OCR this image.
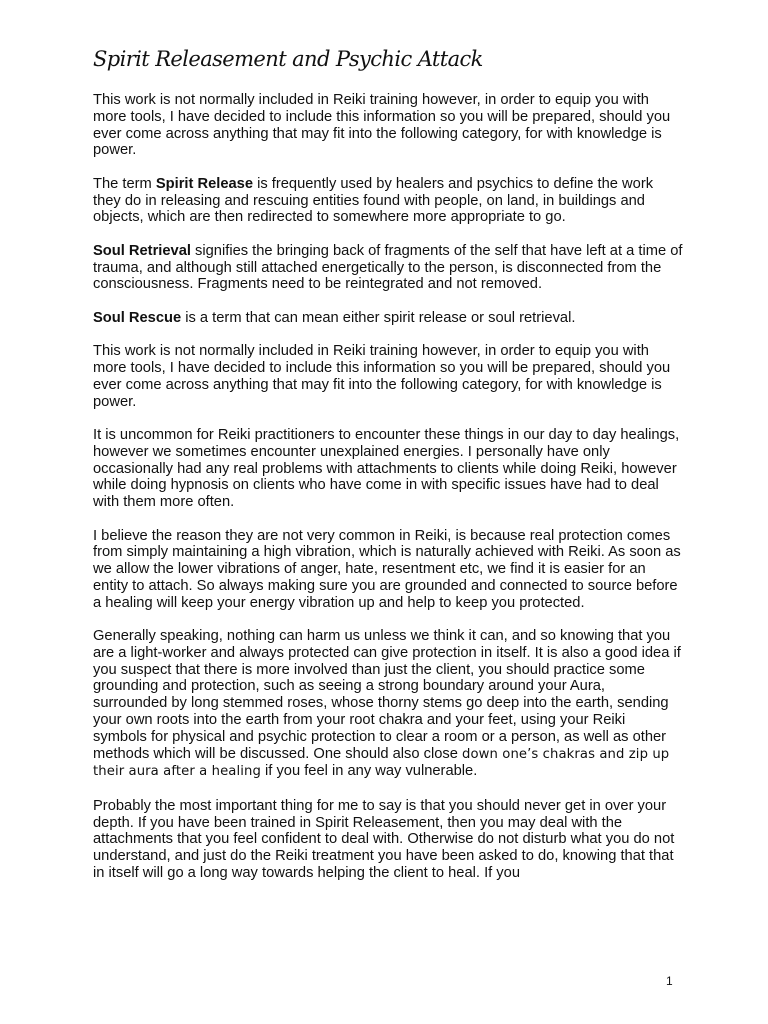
Spirit Releasement and Psychic Attack

This work is not normally included in Reiki training however, in order to equip you with more tools, I have decided to include this information so you will be prepared, should you ever come across anything that may fit into the following category, for with knowledge is power.

The term Spirit Release is frequently used by healers and psychics to define the work they do in releasing and rescuing entities found with people, on land, in buildings and objects, which are then redirected to somewhere more appropriate to go.

Soul Retrieval signifies the bringing back of fragments of the self that have left at a time of trauma, and although still attached energetically to the person, is disconnected from the consciousness. Fragments need to be reintegrated and not removed.

Soul Rescue is a term that can mean either spirit release or soul retrieval.

This work is not normally included in Reiki training however, in order to equip you with more tools, I have decided to include this information so you will be prepared, should you ever come across anything that may fit into the following category, for with knowledge is power.

It is uncommon for Reiki practitioners to encounter these things in our day to day healings, however we sometimes encounter unexplained energies. I personally have only occasionally had any real problems with attachments to clients while doing Reiki, however while doing hypnosis on clients who have come in with specific issues have had to deal with them more often.

I believe the reason they are not very common in Reiki, is because real protection comes from simply maintaining a high vibration, which is naturally achieved with Reiki. As soon as we allow the lower vibrations of anger, hate, resentment etc, we find it is easier for an entity to attach. So always making sure you are grounded and connected to source before a healing will keep your energy vibration up and help to keep you protected.

Generally speaking, nothing can harm us unless we think it can, and so knowing that you are a light-worker and always protected can give protection in itself. It is also a good idea if you suspect that there is more involved than just the client, you should practice some grounding and protection, such as seeing a strong boundary around your Aura, surrounded by long stemmed roses, whose thorny stems go deep into the earth, sending your own roots into the earth from your root chakra and your feet, using your Reiki symbols for physical and psychic protection to clear a room or a person, as well as other methods which will be discussed. One should also close down one’s chakras and zip up their aura after a healing if you feel in any way vulnerable.

Probably the most important thing for me to say is that you should never get in over your depth. If you have been trained in Spirit Releasement, then you may deal with the attachments that you feel confident to deal with. Otherwise do not disturb what you do not understand, and just do the Reiki treatment you have been asked to do, knowing that that in itself will go a long way towards helping the client to heal. If you

1
